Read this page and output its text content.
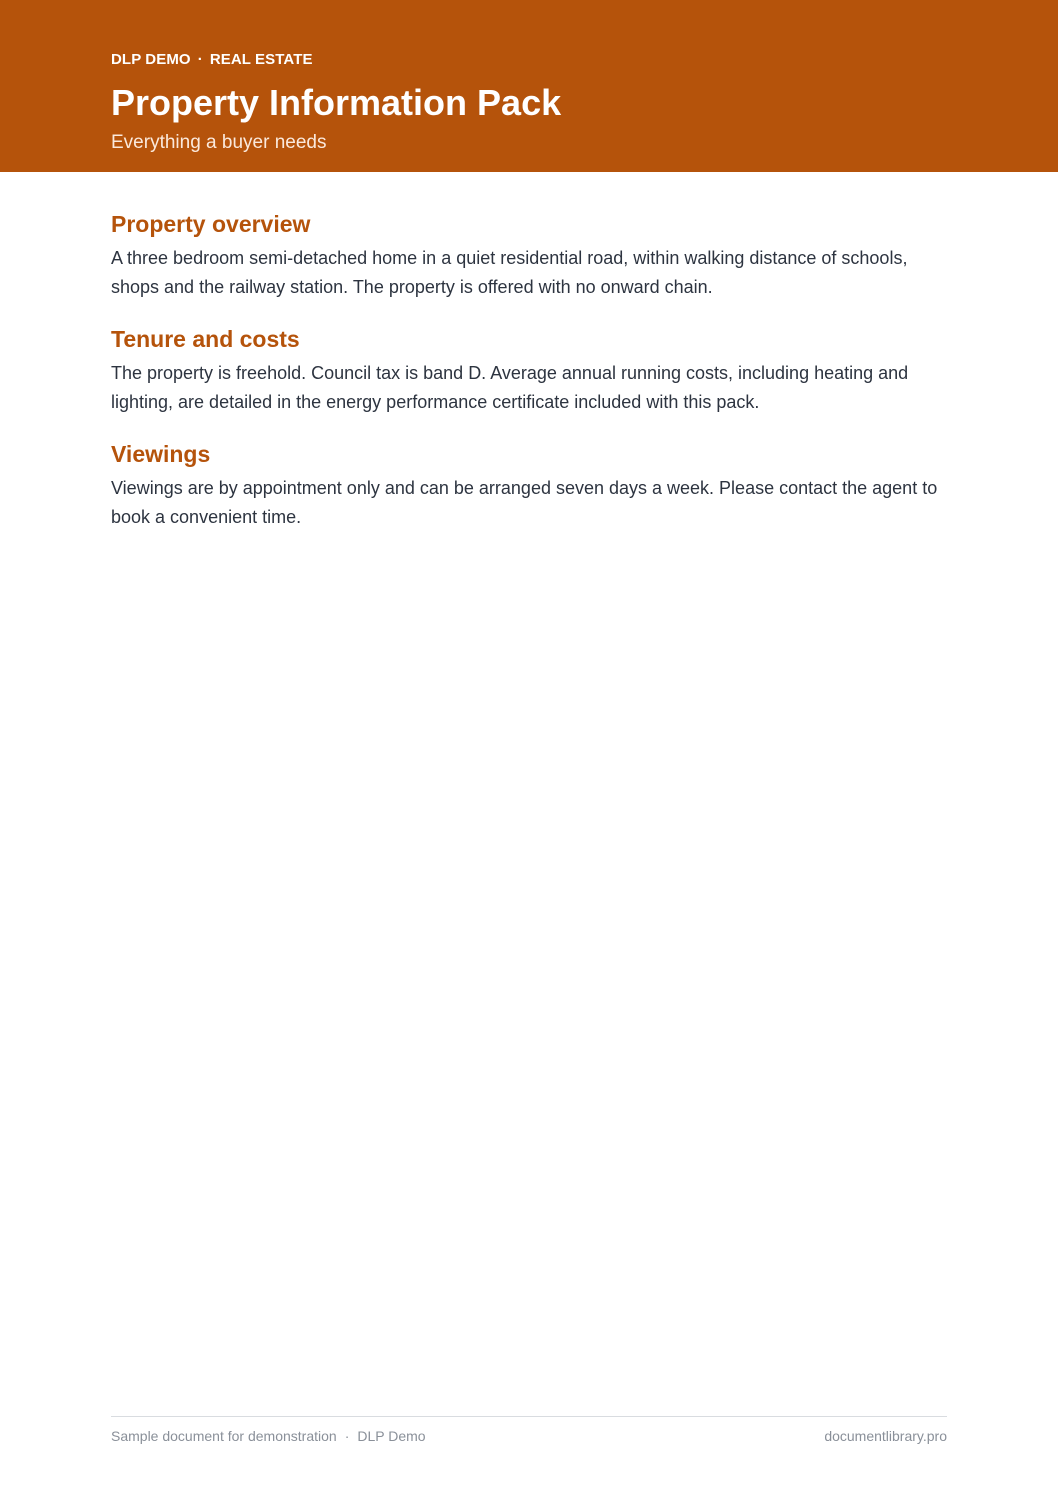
DLP DEMO · REAL ESTATE
Property Information Pack
Everything a buyer needs
Property overview

A three bedroom semi-detached home in a quiet residential road, within walking distance of schools, shops and the railway station. The property is offered with no onward chain.

Tenure and costs

The property is freehold. Council tax is band D. Average annual running costs, including heating and lighting, are detailed in the energy performance certificate included with this pack.

Viewings

Viewings are by appointment only and can be arranged seven days a week. Please contact the agent to book a convenient time.

Sample document for demonstration · DLP Demo	documentlibrary.pro
